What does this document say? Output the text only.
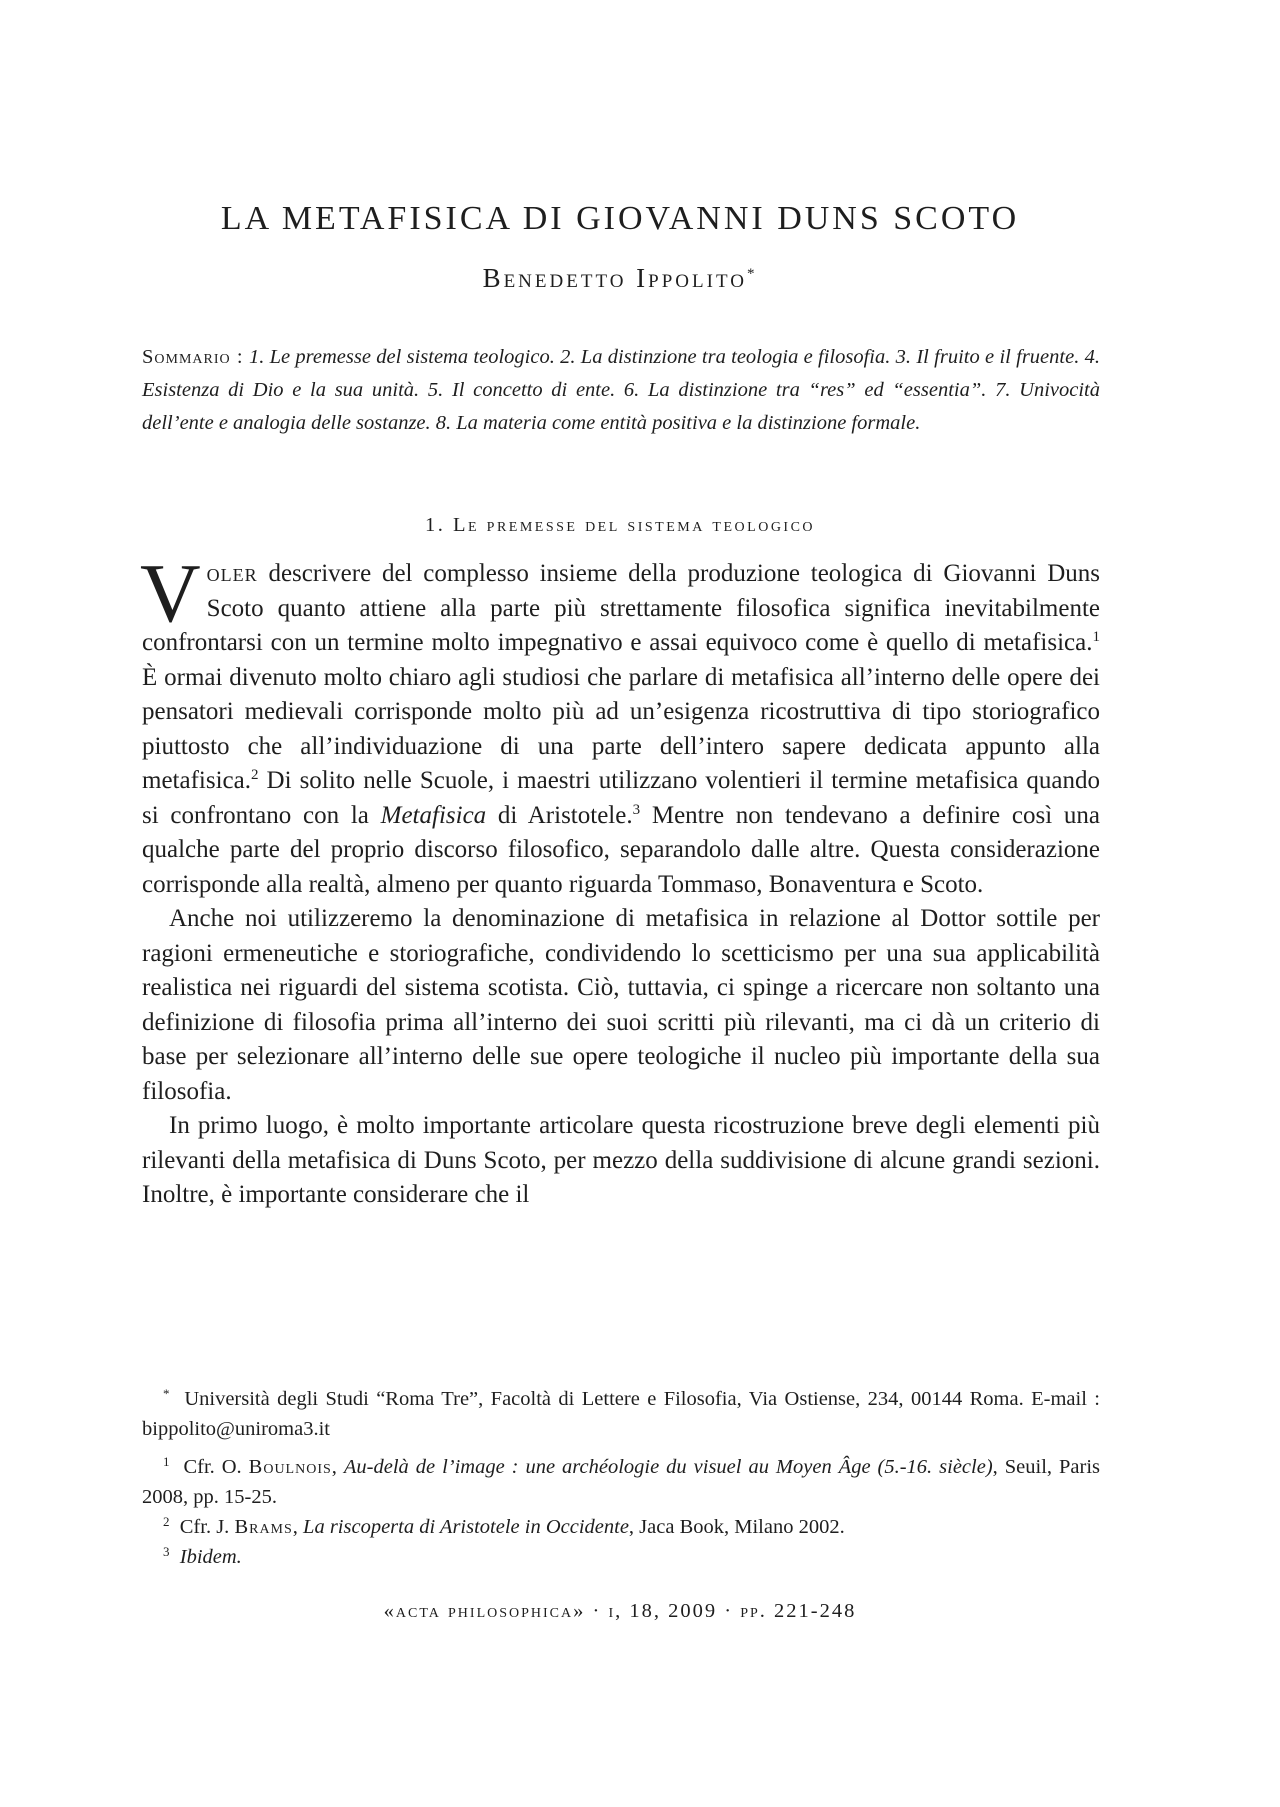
LA METAFISICA DI GIOVANNI DUNS SCOTO
Benedetto Ippolito*
Sommario : 1. Le premesse del sistema teologico. 2. La distinzione tra teologia e filosofia. 3. Il fruito e il fruente. 4. Esistenza di Dio e la sua unità. 5. Il concetto di ente. 6. La distinzione tra “res” ed “essentia”. 7. Univocità dell’ente e analogia delle sostanze. 8. La materia come entità positiva e la distinzione formale.
1. Le premesse del sistema teologico

Voler descrivere del complesso insieme della produzione teologica di Giovanni Duns Scoto quanto attiene alla parte più strettamente filosofica significa inevitabilmente confrontarsi con un termine molto impegnativo e assai equivoco come è quello di metafisica.$^1$ È ormai divenuto molto chiaro agli studiosi che parlare di metafisica all’interno delle opere dei pensatori medievali corrisponde molto più ad un’esigenza ricostruttiva di tipo storiografico piuttosto che all’individuazione di una parte dell’intero sapere dedicata appunto alla metafisica.$^2$ Di solito nelle Scuole, i maestri utilizzano volentieri il termine metafisica quando si confrontano con la Metafisica di Aristotele.$^3$ Mentre non tendevano a definire così una qualche parte del proprio discorso filosofico, separandolo dalle altre. Questa considerazione corrisponde alla realtà, almeno per quanto riguarda Tommaso, Bonaventura e Scoto.

Anche noi utilizzeremo la denominazione di metafisica in relazione al Dottor sottile per ragioni ermeneutiche e storiografiche, condividendo lo scetticismo per una sua applicabilità realistica nei riguardi del sistema scotista. Ciò, tuttavia, ci spinge a ricercare non soltanto una definizione di filosofia prima all’interno dei suoi scritti più rilevanti, ma ci dà un criterio di base per selezionare all’interno delle sue opere teologiche il nucleo più importante della sua filosofia.

In primo luogo, è molto importante articolare questa ricostruzione breve degli elementi più rilevanti della metafisica di Duns Scoto, per mezzo della suddivisione di alcune grandi sezioni. Inoltre, è importante considerare che il

* Università degli Studi “Roma Tre”, Facoltà di Lettere e Filosofia, Via Ostiense, 234, 00144 Roma. E-mail : bippolito@uniroma3.it

$^1$ Cfr. O. Boulnois, Au-delà de l’image : une archéologie du visuel au Moyen Âge (5.-16. siècle), Seuil, Paris 2008, pp. 15-25.

$^2$ Cfr. J. Brams, La riscoperta di Aristotele in Occidente, Jaca Book, Milano 2002.

$^3$ Ibidem.

«acta philosophica» · i, 18, 2009 · pp. 221-248
